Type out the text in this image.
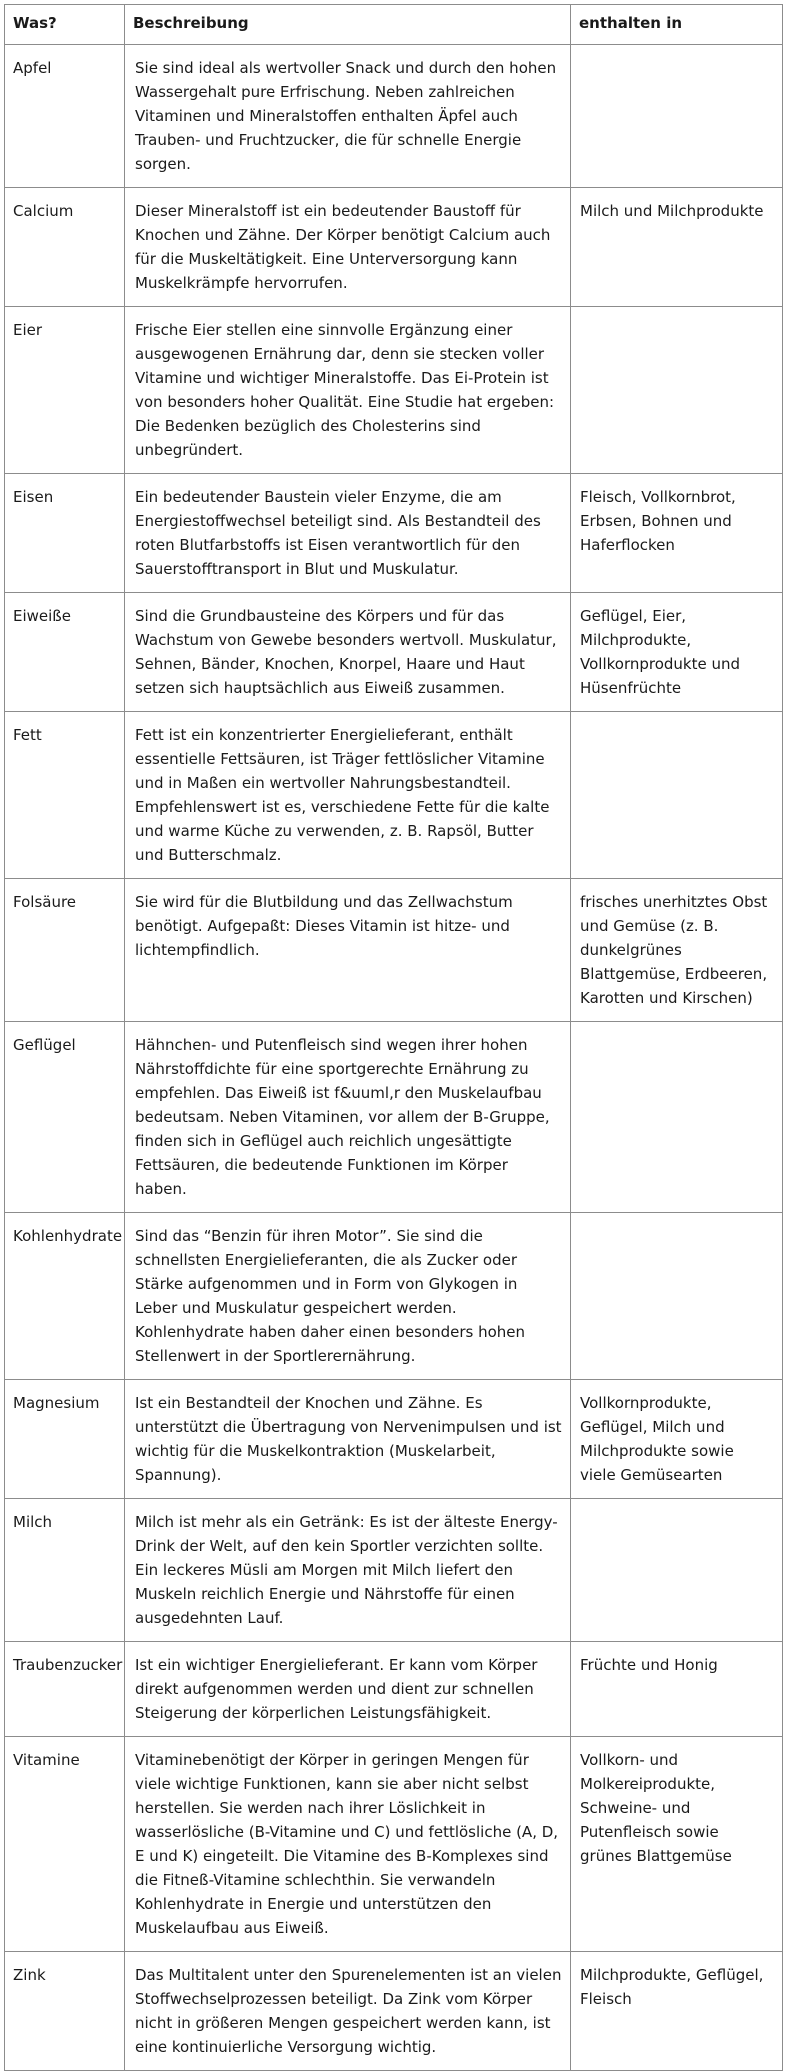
Was?	Beschreibung	enthalten in
Apfel	Sie sind ideal als wertvoller Snack und durch den hohen Wassergehalt pure Erfrischung. Neben zahlreichen Vitaminen und Mineralstoffen enthalten Äpfel auch Trauben- und Fruchtzucker, die für schnelle Energie sorgen.	
Calcium	Dieser Mineralstoff ist ein bedeutender Baustoff für Knochen und Zähne. Der Körper benötigt Calcium auch für die Muskeltätigkeit. Eine Unterversorgung kann Muskelkrämpfe hervorrufen.	Milch und Milchprodukte
Eier	Frische Eier stellen eine sinnvolle Ergänzung einer ausgewogenen Ernährung dar, denn sie stecken voller Vitamine und wichtiger Mineralstoffe. Das Ei-Protein ist von besonders hoher Qualität. Eine Studie hat ergeben: Die Bedenken bezüglich des Cholesterins sind unbegründert.	
Eisen	Ein bedeutender Baustein vieler Enzyme, die am Energiestoffwechsel beteiligt sind. Als Bestandteil des roten Blutfarbstoffs ist Eisen verantwortlich für den Sauerstofftransport in Blut und Muskulatur.	Fleisch, Vollkornbrot, Erbsen, Bohnen und Haferflocken
Eiweiße	Sind die Grundbausteine des Körpers und für das Wachstum von Gewebe besonders wertvoll. Muskulatur, Sehnen, Bänder, Knochen, Knorpel, Haare und Haut setzen sich hauptsächlich aus Eiweiß zusammen.	Geflügel, Eier, Milchprodukte, Vollkornprodukte und Hüsenfrüchte
Fett	Fett ist ein konzentrierter Energielieferant, enthält essentielle Fettsäuren, ist Träger fettlöslicher Vitamine und in Maßen ein wertvoller Nahrungsbestandteil. Empfehlenswert ist es, verschiedene Fette für die kalte und warme Küche zu verwenden, z. B. Rapsöl, Butter und Butterschmalz.	
Folsäure	Sie wird für die Blutbildung und das Zellwachstum benötigt. Aufgepaßt: Dieses Vitamin ist hitze- und lichtempfindlich.	frisches unerhitztes Obst und Gemüse (z. B. dunkelgrünes Blattgemüse, Erdbeeren, Karotten und Kirschen)
Geflügel	Hähnchen- und Putenfleisch sind wegen ihrer hohen Nährstoffdichte für eine sportgerechte Ernährung zu empfehlen. Das Eiweiß ist f&uuml,r den Muskelaufbau bedeutsam. Neben Vitaminen, vor allem der B-Gruppe, finden sich in Geflügel auch reichlich ungesättigte Fettsäuren, die bedeutende Funktionen im Körper haben.	
Kohlenhydrate	Sind das “Benzin für ihren Motor”. Sie sind die schnellsten Energielieferanten, die als Zucker oder Stärke aufgenommen und in Form von Glykogen in Leber und Muskulatur gespeichert werden. Kohlenhydrate haben daher einen besonders hohen Stellenwert in der Sportlerernährung.	
Magnesium	Ist ein Bestandteil der Knochen und Zähne. Es unterstützt die Übertragung von Nervenimpulsen und ist wichtig für die Muskelkontraktion (Muskelarbeit, Spannung).	Vollkornprodukte, Geflügel, Milch und Milchprodukte sowie viele Gemüsearten
Milch	Milch ist mehr als ein Getränk: Es ist der älteste Energy-Drink der Welt, auf den kein Sportler verzichten sollte. Ein leckeres Müsli am Morgen mit Milch liefert den Muskeln reichlich Energie und Nährstoffe für einen ausgedehnten Lauf.	
Traubenzucker	Ist ein wichtiger Energielieferant. Er kann vom Körper direkt aufgenommen werden und dient zur schnellen Steigerung der körperlichen Leistungsfähigkeit.	Früchte und Honig
Vitamine	Vitaminebenötigt der Körper in geringen Mengen für viele wichtige Funktionen, kann sie aber nicht selbst herstellen. Sie werden nach ihrer Löslichkeit in wasserlösliche (B-Vitamine und C) und fettlösliche (A, D, E und K) eingeteilt. Die Vitamine des B-Komplexes sind die Fitneß-Vitamine schlechthin. Sie verwandeln Kohlenhydrate in Energie und unterstützen den Muskelaufbau aus Eiweiß.	Vollkorn- und Molkereiprodukte, Schweine- und Putenfleisch sowie grünes Blattgemüse
Zink	Das Multitalent unter den Spurenelementen ist an vielen Stoffwechselprozessen beteiligt. Da Zink vom Körper nicht in größeren Mengen gespeichert werden kann, ist eine kontinuierliche Versorgung wichtig.	Milchprodukte, Geflügel, Fleisch
